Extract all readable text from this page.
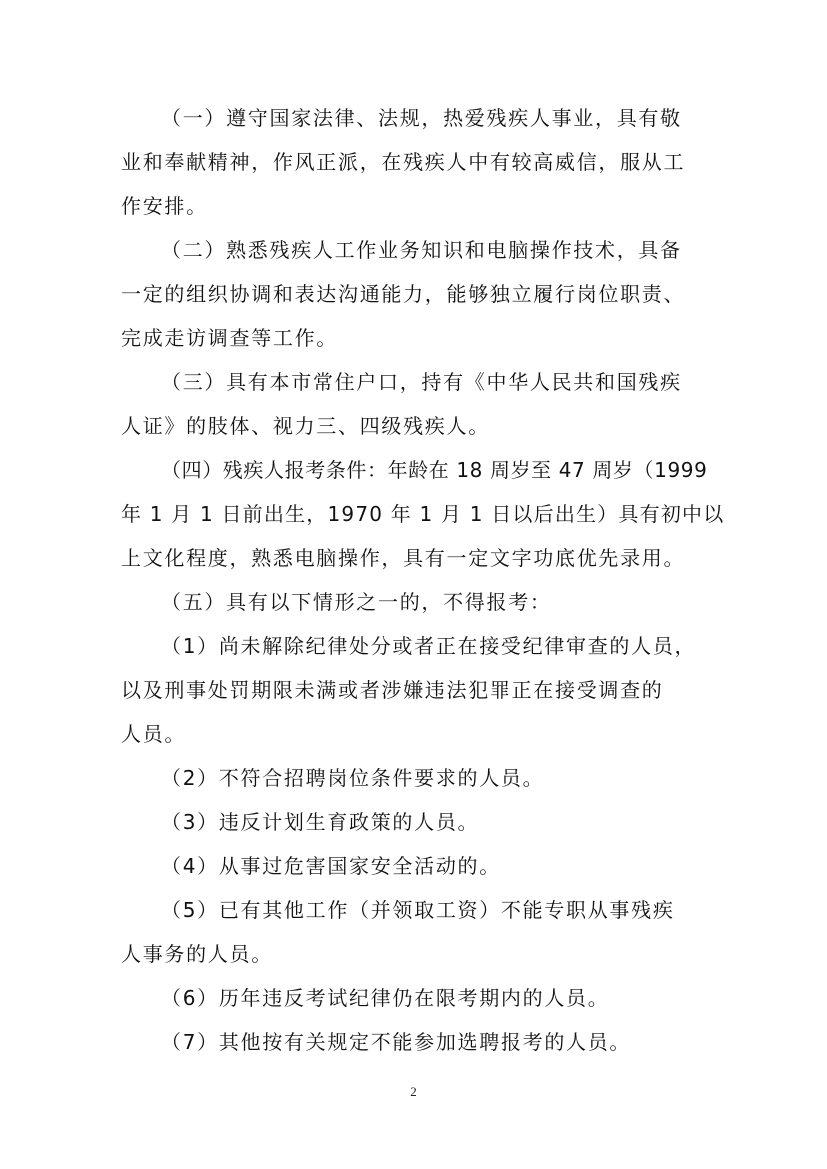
（一）遵守国家法律、法规，热爱残疾人事业，具有敬
业和奉献精神，作风正派，在残疾人中有较高威信，服从工
作安排。
（二）熟悉残疾人工作业务知识和电脑操作技术，具备
一定的组织协调和表达沟通能力，能够独立履行岗位职责、
完成走访调查等工作。
（三）具有本市常住户口，持有《中华人民共和国残疾
人证》的肢体、视力三、四级残疾人。
（四）残疾人报考条件：年龄在 18 周岁至 47 周岁（1999
年 1 月 1 日前出生，1970 年 1 月 1 日以后出生）具有初中以
上文化程度，熟悉电脑操作，具有一定文字功底优先录用。
（五）具有以下情形之一的，不得报考：
（1）尚未解除纪律处分或者正在接受纪律审查的人员，
以及刑事处罚期限未满或者涉嫌违法犯罪正在接受调查的
人员。
（2）不符合招聘岗位条件要求的人员。
（3）违反计划生育政策的人员。
（4）从事过危害国家安全活动的。
（5）已有其他工作（并领取工资）不能专职从事残疾
人事务的人员。
（6）历年违反考试纪律仍在限考期内的人员。
（7）其他按有关规定不能参加选聘报考的人员。
2
